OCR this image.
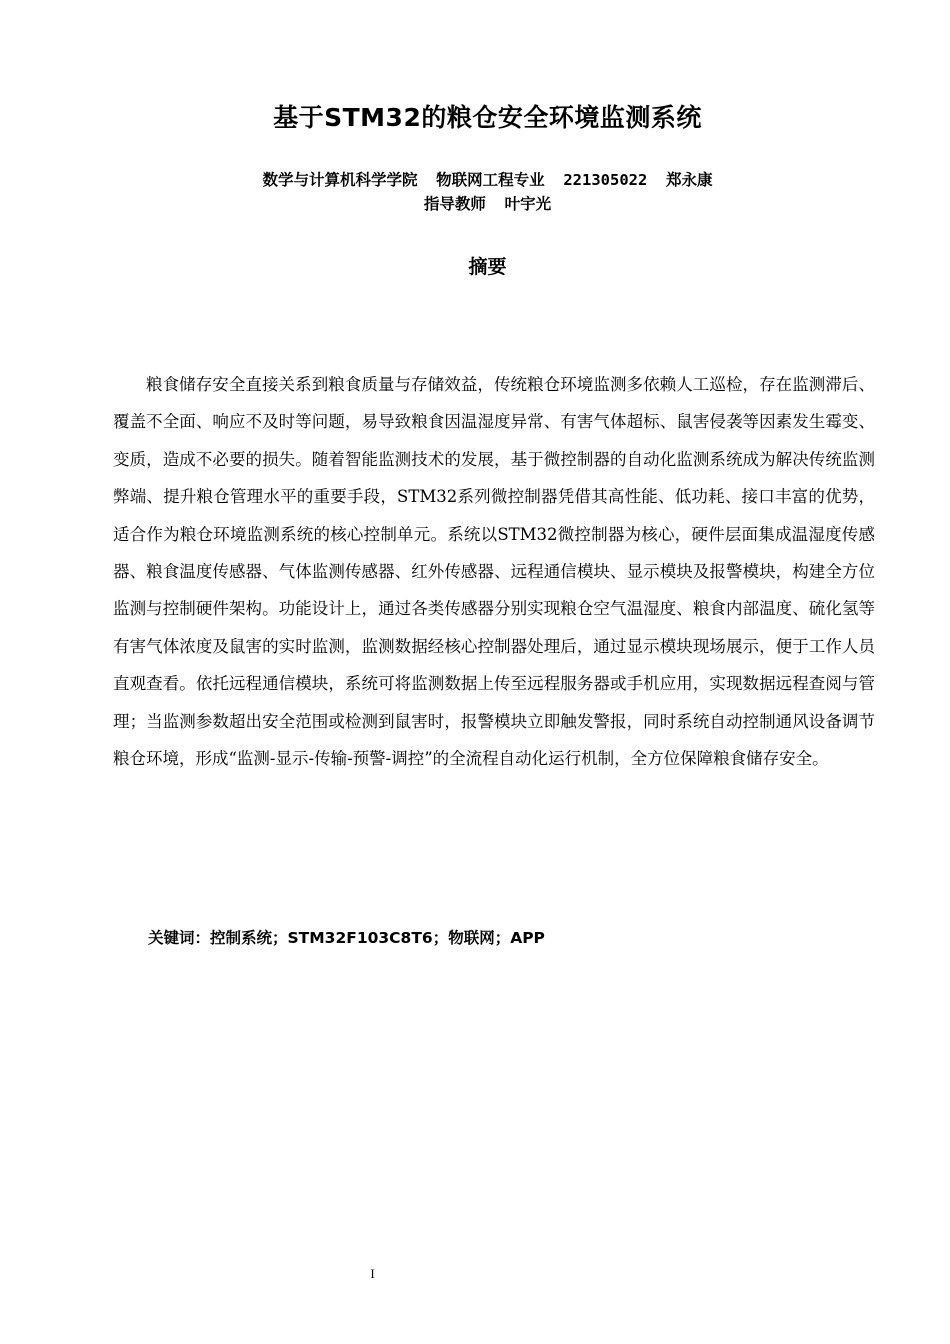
基于STM32的粮仓安全环境监测系统
数学与计算机科学学院  物联网工程专业  221305022  郑永康
指导教师  叶宇光
摘要

粮食储存安全直接关系到粮食质量与存储效益，传统粮仓环境监测多依赖人工巡检，存在监测滞后、覆盖不全面、响应不及时等问题，易导致粮食因温湿度异常、有害气体超标、鼠害侵袭等因素发生霉变、变质，造成不必要的损失。随着智能监测技术的发展，基于微控制器的自动化监测系统成为解决传统监测弊端、提升粮仓管理水平的重要手段，STM32系列微控制器凭借其高性能、低功耗、接口丰富的优势，适合作为粮仓环境监测系统的核心控制单元。系统以STM32微控制器为核心，硬件层面集成温湿度传感器、粮食温度传感器、气体监测传感器、红外传感器、远程通信模块、显示模块及报警模块，构建全方位监测与控制硬件架构。功能设计上，通过各类传感器分别实现粮仓空气温湿度、粮食内部温度、硫化氢等有害气体浓度及鼠害的实时监测，监测数据经核心控制器处理后，通过显示模块现场展示，便于工作人员直观查看。依托远程通信模块，系统可将监测数据上传至远程服务器或手机应用，实现数据远程查阅与管理；当监测参数超出安全范围或检测到鼠害时，报警模块立即触发警报，同时系统自动控制通风设备调节粮仓环境，形成“监测-显示-传输-预警-调控”的全流程自动化运行机制，全方位保障粮食储存安全。

关键词：控制系统；STM32F103C8T6；物联网；APP
I
